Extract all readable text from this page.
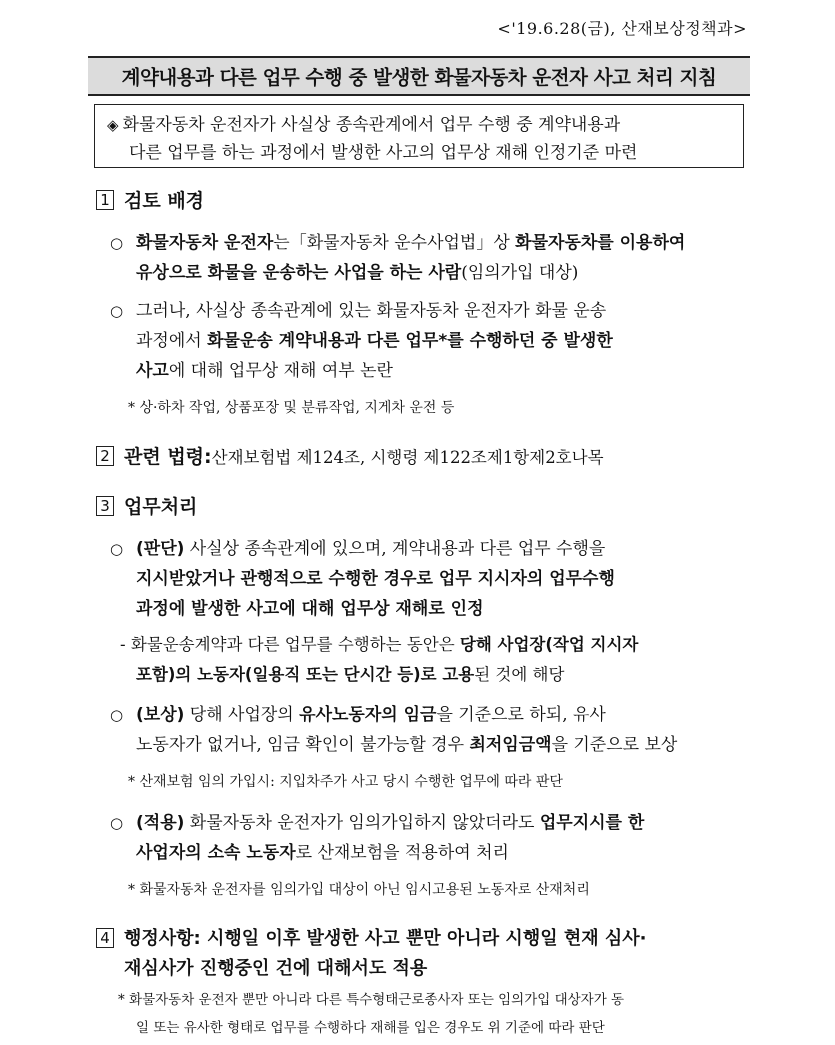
<'19.6.28(금), 산재보상정책과>
계약내용과 다른 업무 수행 중 발생한 화물자동차 운전자 사고 처리 지침
◈ 화물자동차 운전자가 사실상 종속관계에서 업무 수행 중 계약내용과
다른 업무를 하는 과정에서 발생한 사고의 업무상 재해 인정기준 마련
1 검토 배경
○ 화물자동차 운전자는「화물자동차 운수사업법」상 화물자동차를 이용하여
유상으로 화물을 운송하는 사업을 하는 사람(임의가입 대상)
○ 그러나, 사실상 종속관계에 있는 화물자동차 운전자가 화물 운송
과정에서 화물운송 계약내용과 다른 업무*를 수행하던 중 발생한
사고에 대해 업무상 재해 여부 논란
* 상·하차 작업, 상품포장 및 분류작업, 지게차 운전 등
2 관련 법령: 산재보험법 제124조, 시행령 제122조제1항제2호나목
3 업무처리
○ (판단) 사실상 종속관계에 있으며, 계약내용과 다른 업무 수행을
지시받았거나 관행적으로 수행한 경우로 업무 지시자의 업무수행
과정에 발생한 사고에 대해 업무상 재해로 인정
- 화물운송계약과 다른 업무를 수행하는 동안은 당해 사업장(작업 지시자
포함)의 노동자(일용직 또는 단시간 등)로 고용된 것에 해당
○ (보상) 당해 사업장의 유사노동자의 임금을 기준으로 하되, 유사
노동자가 없거나, 임금 확인이 불가능할 경우 최저임금액을 기준으로 보상
* 산재보험 임의 가입시: 지입차주가 사고 당시 수행한 업무에 따라 판단
○ (적용) 화물자동차 운전자가 임의가입하지 않았더라도 업무지시를 한
사업자의 소속 노동자로 산재보험을 적용하여 처리
* 화물자동차 운전자를 임의가입 대상이 아닌 임시고용된 노동자로 산재처리
4 행정사항: 시행일 이후 발생한 사고 뿐만 아니라 시행일 현재 심사·
재심사가 진행중인 건에 대해서도 적용
* 화물자동차 운전자 뿐만 아니라 다른 특수형태근로종사자 또는 임의가입 대상자가 동
일 또는 유사한 형태로 업무를 수행하다 재해를 입은 경우도 위 기준에 따라 판단
